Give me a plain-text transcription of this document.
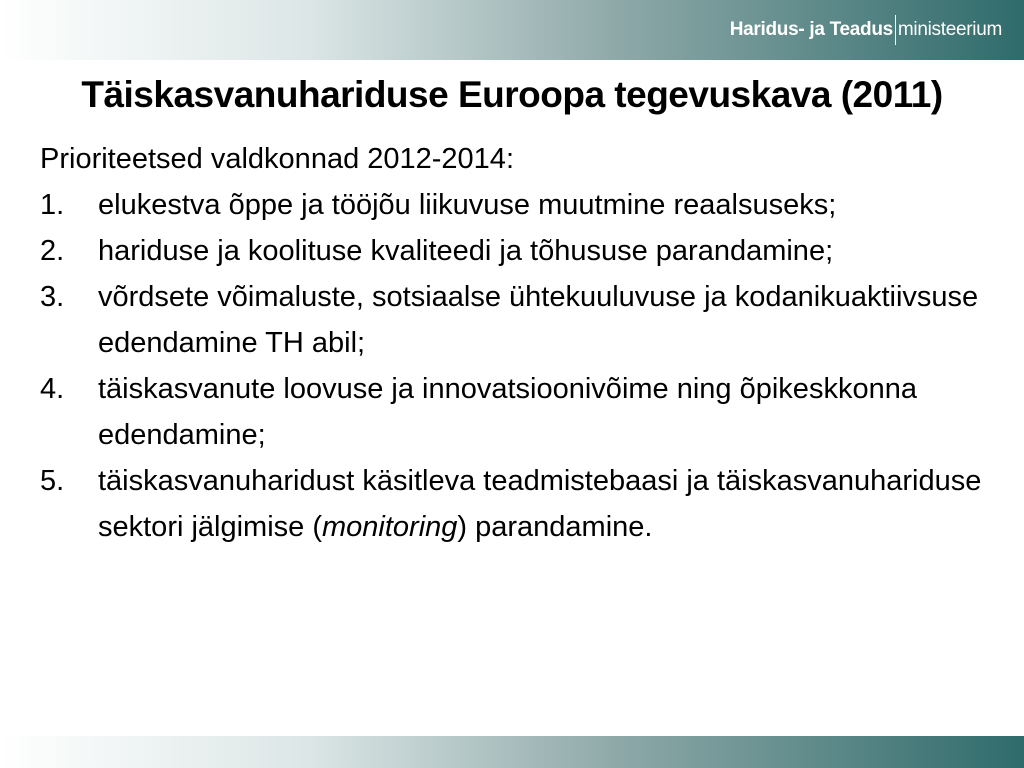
Haridus- ja Teadus ministeerium
Täiskasvanuhariduse Euroopa tegevuskava (2011)

Prioriteetsed valdkonnad 2012-2014:

1. elukestva õppe ja tööjõu liikuvuse muutmine reaalsuseks;
2. hariduse ja koolituse kvaliteedi ja tõhususe parandamine;
3. võrdsete võimaluste, sotsiaalse ühtekuuluvuse ja kodanikuaktiivsuse edendamine TH abil;
4. täiskasvanute loovuse ja innovatsioonivõime ning õpikeskkonna edendamine;
5. täiskasvanuharidust käsitleva teadmistebaasi ja täiskasvanuhariduse sektori jälgimise (monitoring) parandamine.
